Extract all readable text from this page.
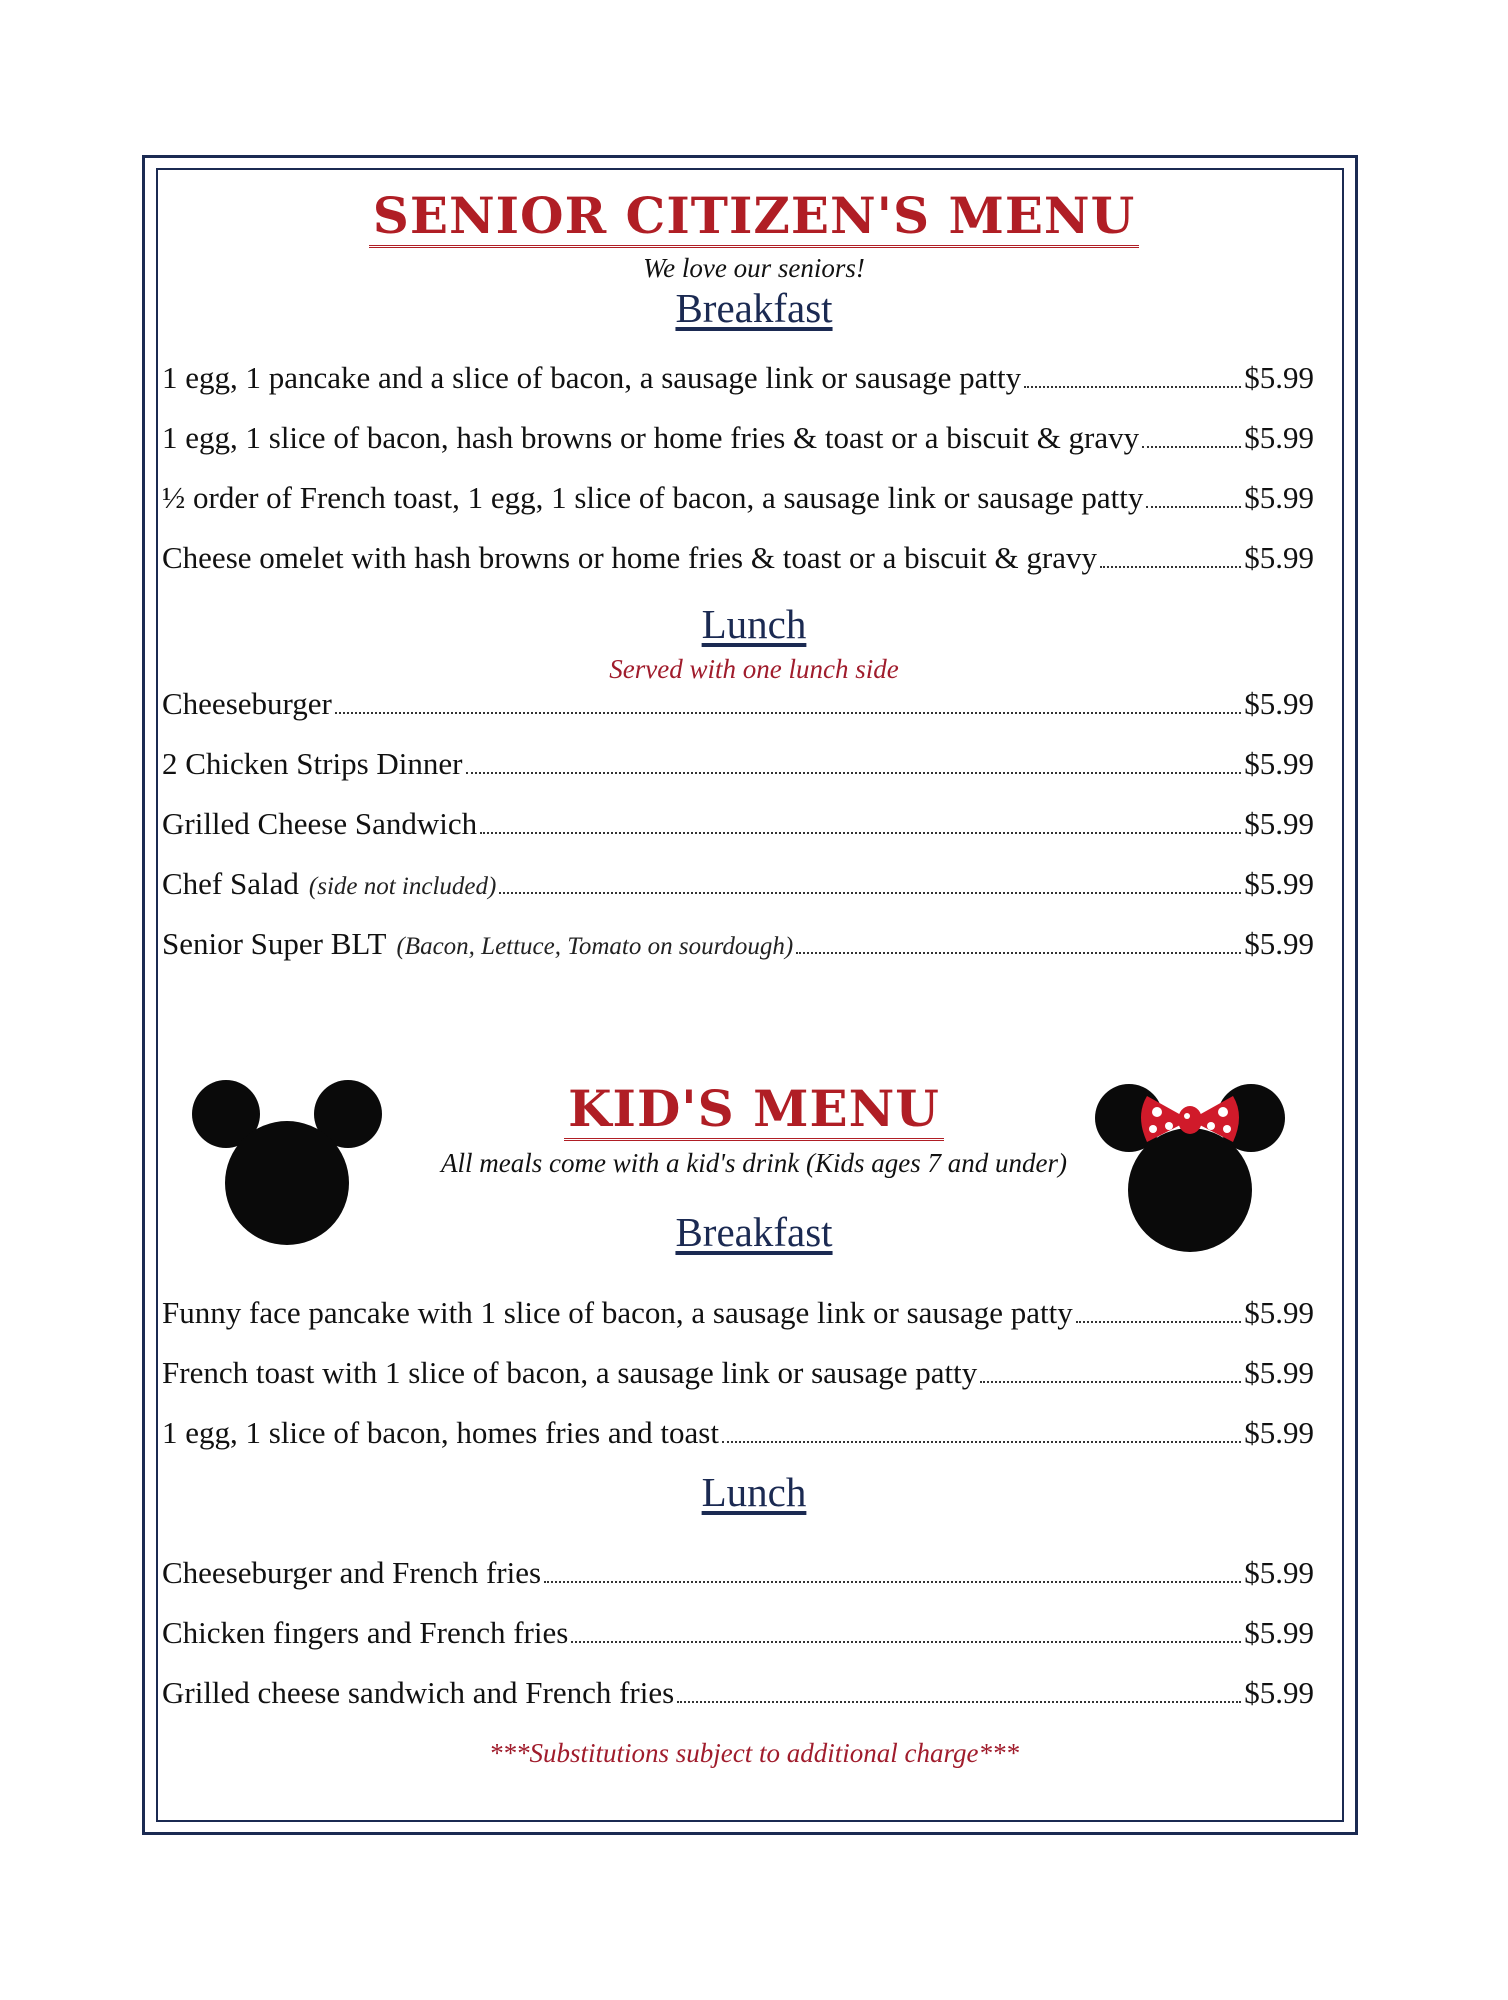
SENIOR CITIZEN'S MENU
We love our seniors!
Breakfast
1 egg, 1 pancake and a slice of bacon, a sausage link or sausage patty	$5.99
1 egg, 1 slice of bacon, hash browns or home fries & toast or a biscuit & gravy	$5.99
½ order of French toast, 1 egg, 1 slice of bacon, a sausage link or sausage patty	$5.99
Cheese omelet with hash browns or home fries & toast or a biscuit & gravy	$5.99
Lunch
Served with one lunch side
Cheeseburger	$5.99
2 Chicken Strips Dinner	$5.99
Grilled Cheese Sandwich	$5.99
Chef Salad (side not included)	$5.99
Senior Super BLT (Bacon, Lettuce, Tomato on sourdough)	$5.99
KID'S MENU
All meals come with a kid's drink (Kids ages 7 and under)
Breakfast
Funny face pancake with 1 slice of bacon, a sausage link or sausage patty	$5.99
French toast with 1 slice of bacon, a sausage link or sausage patty	$5.99
1 egg, 1 slice of bacon, homes fries and toast	$5.99
Lunch
Cheeseburger and French fries	$5.99
Chicken fingers and French fries	$5.99
Grilled cheese sandwich and French fries	$5.99
***Substitutions subject to additional charge***
